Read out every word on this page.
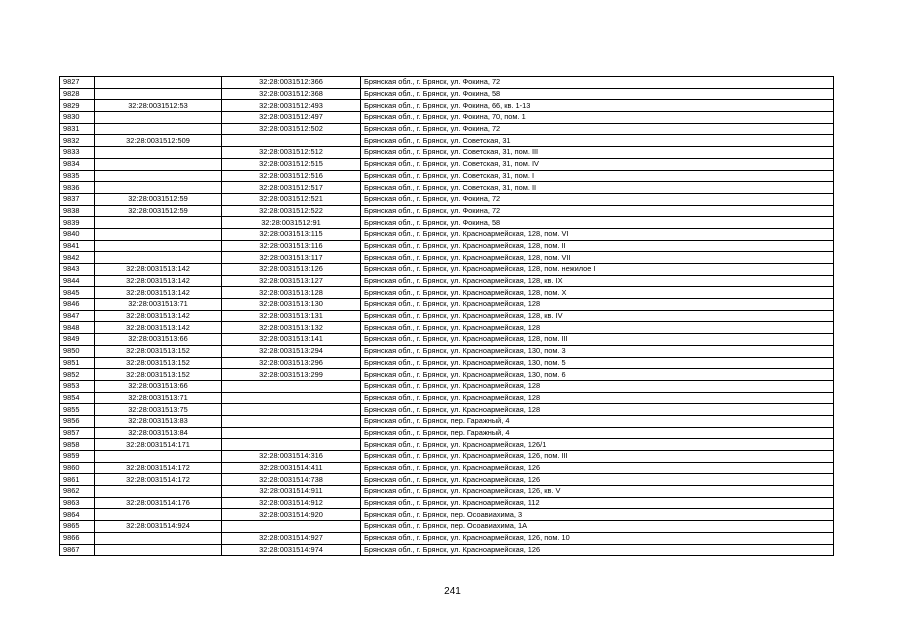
9827		32:28:0031512:366	Брянская обл., г. Брянск, ул. Фокина, 72
9828		32:28:0031512:368	Брянская обл., г. Брянск, ул. Фокина, 58
9829	32:28:0031512:53	32:28:0031512:493	Брянская обл., г. Брянск, ул. Фокина, 66, кв. 1-13
9830		32:28:0031512:497	Брянская обл., г. Брянск, ул. Фокина, 70, пом. 1
9831		32:28:0031512:502	Брянская обл., г. Брянск, ул. Фокина, 72
9832	32:28:0031512:509		Брянская обл., г. Брянск, ул. Советская, 31
9833		32:28:0031512:512	Брянская обл., г. Брянск, ул. Советская, 31, пом. III
9834		32:28:0031512:515	Брянская обл., г. Брянск, ул. Советская, 31, пом. IV
9835		32:28:0031512:516	Брянская обл., г. Брянск, ул. Советская, 31, пом. I
9836		32:28:0031512:517	Брянская обл., г. Брянск, ул. Советская, 31, пом. II
9837	32:28:0031512:59	32:28:0031512:521	Брянская обл., г. Брянск, ул. Фокина, 72
9838	32:28:0031512:59	32:28:0031512:522	Брянская обл., г. Брянск, ул. Фокина, 72
9839		32:28:0031512:91	Брянская обл., г. Брянск, ул. Фокина, 58
9840		32:28:0031513:115	Брянская обл., г. Брянск, ул. Красноармейская, 128, пом. VI
9841		32:28:0031513:116	Брянская обл., г. Брянск, ул. Красноармейская, 128, пом. II
9842		32:28:0031513:117	Брянская обл., г. Брянск, ул. Красноармейская, 128, пом. VII
9843	32:28:0031513:142	32:28:0031513:126	Брянская обл., г. Брянск, ул. Красноармейская, 128, пом. нежилое I
9844	32:28:0031513:142	32:28:0031513:127	Брянская обл., г. Брянск, ул. Красноармейская, 128, кв. IX
9845	32:28:0031513:142	32:28:0031513:128	Брянская обл., г. Брянск, ул. Красноармейская, 128, пом. X
9846	32:28:0031513:71	32:28:0031513:130	Брянская обл., г. Брянск, ул. Красноармейская, 128
9847	32:28:0031513:142	32:28:0031513:131	Брянская обл., г. Брянск, ул. Красноармейская, 128, кв. IV
9848	32:28:0031513:142	32:28:0031513:132	Брянская обл., г. Брянск, ул. Красноармейская, 128
9849	32:28:0031513:66	32:28:0031513:141	Брянская обл., г. Брянск, ул. Красноармейская, 128, пом. III
9850	32:28:0031513:152	32:28:0031513:294	Брянская обл., г. Брянск, ул. Красноармейская, 130, пом. 3
9851	32:28:0031513:152	32:28:0031513:296	Брянская обл., г. Брянск, ул. Красноармейская, 130, пом. 5
9852	32:28:0031513:152	32:28:0031513:299	Брянская обл., г. Брянск, ул. Красноармейская, 130, пом. 6
9853	32:28:0031513:66		Брянская обл., г. Брянск, ул. Красноармейская, 128
9854	32:28:0031513:71		Брянская обл., г. Брянск, ул. Красноармейская, 128
9855	32:28:0031513:75		Брянская обл., г. Брянск, ул. Красноармейская, 128
9856	32:28:0031513:83		Брянская обл., г. Брянск, пер. Гаражный, 4
9857	32:28:0031513:84		Брянская обл., г. Брянск, пер. Гаражный, 4
9858	32:28:0031514:171		Брянская обл., г. Брянск, ул. Красноармейская, 126/1
9859		32:28:0031514:316	Брянская обл., г. Брянск, ул. Красноармейская, 126, пом. III
9860	32:28:0031514:172	32:28:0031514:411	Брянская обл., г. Брянск, ул. Красноармейская, 126
9861	32:28:0031514:172	32:28:0031514:738	Брянская обл., г. Брянск, ул. Красноармейская, 126
9862		32:28:0031514:911	Брянская обл., г. Брянск, ул. Красноармейская, 126, кв. V
9863	32:28:0031514:176	32:28:0031514:912	Брянская обл., г. Брянск, ул. Красноармейская, 112
9864		32:28:0031514:920	Брянская обл., г. Брянск, пер. Осоавиахима, 3
9865	32:28:0031514:924		Брянская обл., г. Брянск, пер. Осоавиахима, 1А
9866		32:28:0031514:927	Брянская обл., г. Брянск, ул. Красноармейская, 126, пом. 10
9867		32:28:0031514:974	Брянская обл., г. Брянск, ул. Красноармейская, 126
241
